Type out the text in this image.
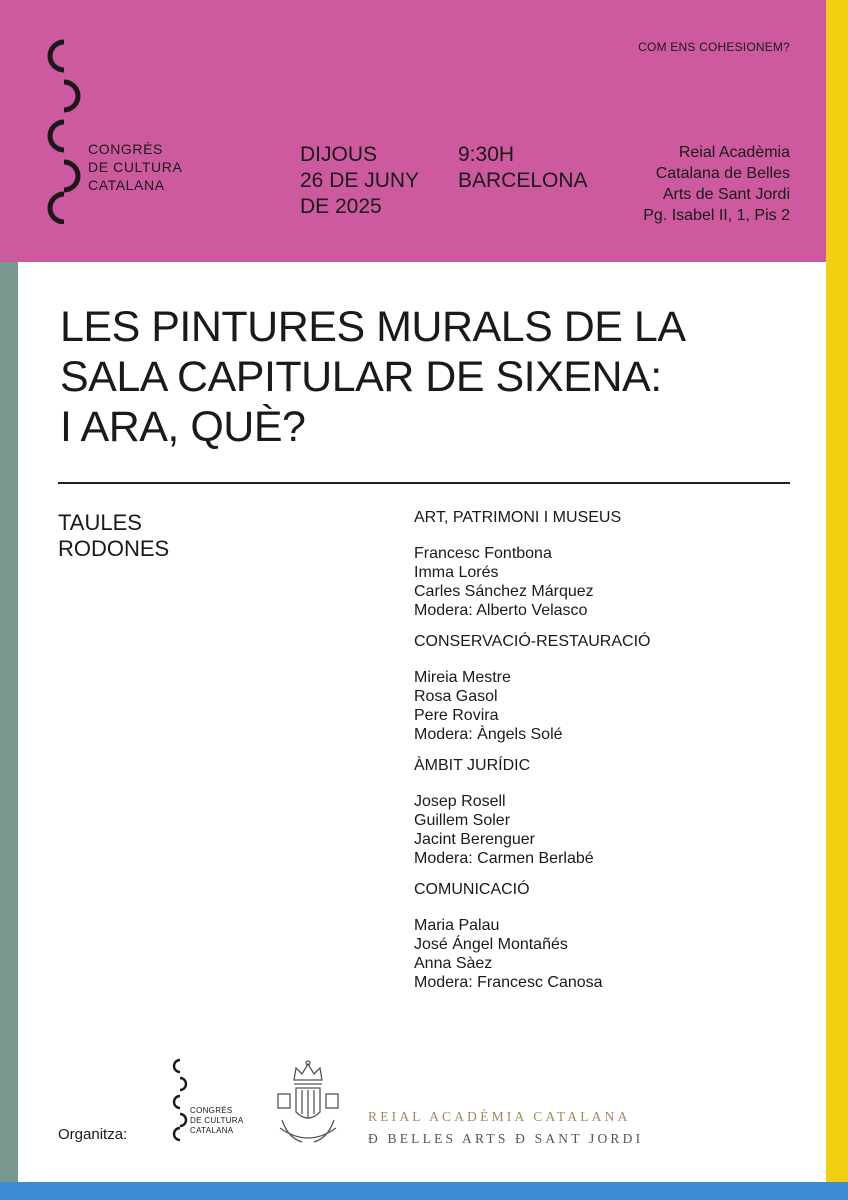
COM ENS COHESIONEM?
CONGRÉS
DE CULTURA
CATALANA
DIJOUS
26 DE JUNY
DE 2025
9:30H
BARCELONA
Reial Acadèmia
Catalana de Belles
Arts de Sant Jordi
Pg. Isabel II, 1, Pis 2
LES PINTURES MURALS DE LA
SALA CAPITULAR DE SIXENA:
I ARA, QUÈ?
TAULES
RODONES
ART, PATRIMONI I MUSEUS
Francesc Fontbona
Imma Lorés
Carles Sánchez Márquez
Modera: Alberto Velasco
CONSERVACIÓ-RESTAURACIÓ
Mireia Mestre
Rosa Gasol
Pere Rovira
Modera: Àngels Solé
ÀMBIT JURÍDIC
Josep Rosell
Guillem Soler
Jacint Berenguer
Modera: Carmen Berlabé
COMUNICACIÓ
Maria Palau
José Ángel Montañés
Anna Sàez
Modera: Francesc Canosa
Organitza:
CONGRÉS
DE CULTURA
CATALANA
REIAL ACADÈMIA CATALANA
Đ BELLES ARTS Đ SANT JORDI
